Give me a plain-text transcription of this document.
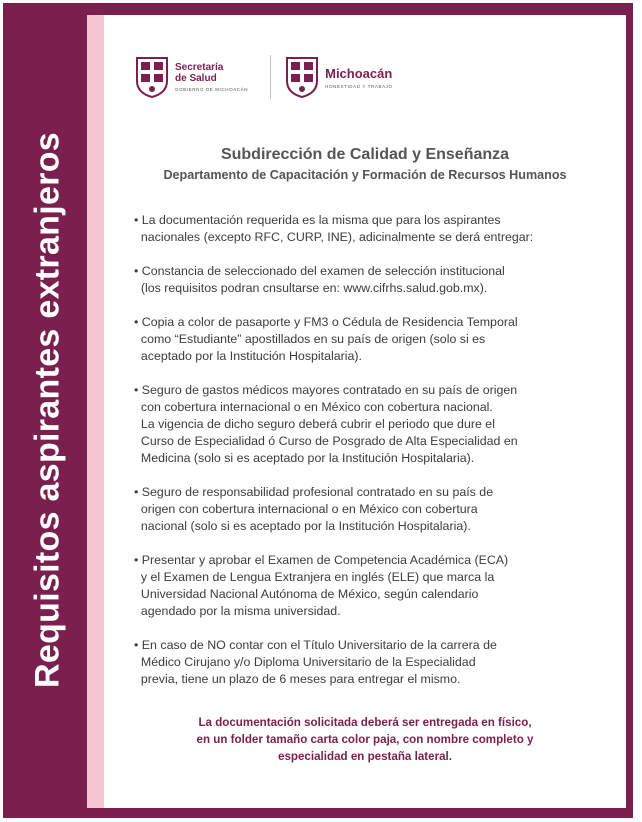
Requisitos aspirantes extranjeros
Secretaría
de Salud
GOBIERNO DE MICHOACÁN
Michoacán
HONESTIDAD Y TRABAJO
Subdirección de Calidad y Enseñanza
Departamento de Capacitación y Formación de Recursos Humanos

• La documentación requerida es la misma que para los aspirantes

nacionales (excepto RFC, CURP, INE), adicinalmente se derá entregar:

• Constancia de seleccionado del examen de selección institucional

(los requisitos podran cnsultarse en: www.cifrhs.salud.gob.mx).

• Copia a color de pasaporte y FM3 o Cédula de Residencia Temporal

como “Estudiante” apostillados en su país de origen (solo si es

aceptado por la Institución Hospitalaria).

• Seguro de gastos médicos mayores contratado en su país de origen

con cobertura internacional o en México con cobertura nacional.

La vigencia de dicho seguro deberá cubrir el periodo que dure el

Curso de Especialidad ó Curso de Posgrado de Alta Especialidad en

Medicina (solo si es aceptado por la Institución Hospitalaria).

• Seguro de responsabilidad profesional contratado en su país de

origen con cobertura internacional o en México con cobertura

nacional (solo si es aceptado por la Institución Hospitalaria).

• Presentar y aprobar el Examen de Competencia Académica (ECA)

y el Examen de Lengua Extranjera en inglés (ELE) que marca la

Universidad Nacional Autónoma de México, según calendario

agendado por la misma universidad.

• En caso de NO contar con el Título Universitario de la carrera de

Médico Cirujano y/o Diploma Universitario de la Especialidad

previa, tiene un plazo de 6 meses para entregar el mismo.

La documentación solicitada deberá ser entregada en físico,

en un folder tamaño carta color paja, con nombre completo y

especialidad en pestaña lateral.
